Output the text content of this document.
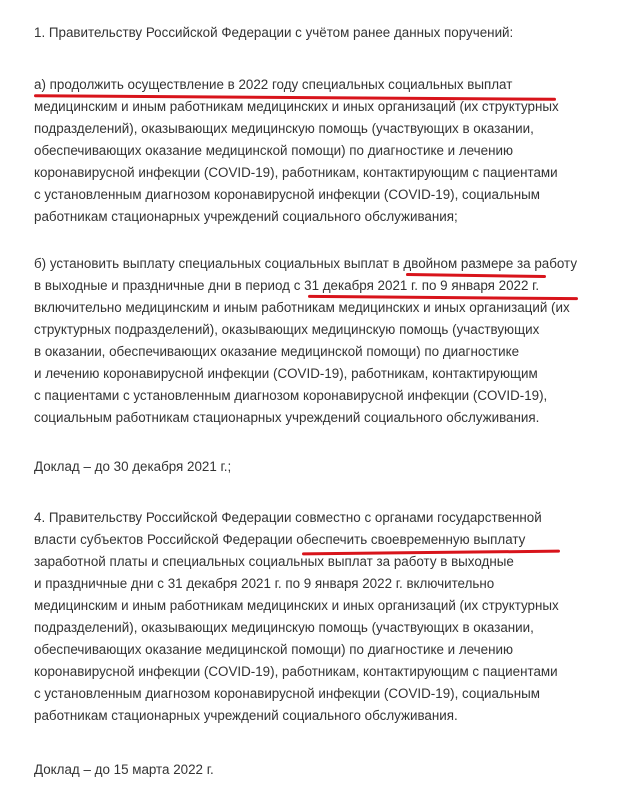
1. Правительству Российской Федерации с учётом ранее данных поручений:
а) продолжить осуществление в 2022 году специальных социальных выплат
медицинским и иным работникам медицинских и иных организаций (их структурных
подразделений), оказывающих медицинскую помощь (участвующих в оказании,
обеспечивающих оказание медицинской помощи) по диагностике и лечению
коронавирусной инфекции (COVID-19), работникам, контактирующим с пациентами
с установленным диагнозом коронавирусной инфекции (COVID-19), социальным
работникам стационарных учреждений социального обслуживания;
б) установить выплату специальных социальных выплат в двойном размере за работу
в выходные и праздничные дни в период с 31 декабря 2021 г. по 9 января 2022 г.
включительно медицинским и иным работникам медицинских и иных организаций (их
структурных подразделений), оказывающих медицинскую помощь (участвующих
в оказании, обеспечивающих оказание медицинской помощи) по диагностике
и лечению коронавирусной инфекции (COVID-19), работникам, контактирующим
с пациентами с установленным диагнозом коронавирусной инфекции (COVID-19),
социальным работникам стационарных учреждений социального обслуживания.
Доклад – до 30 декабря 2021 г.;
4. Правительству Российской Федерации совместно с органами государственной
власти субъектов Российской Федерации обеспечить своевременную выплату
заработной платы и специальных социальных выплат за работу в выходные
и праздничные дни с 31 декабря 2021 г. по 9 января 2022 г. включительно
медицинским и иным работникам медицинских и иных организаций (их структурных
подразделений), оказывающих медицинскую помощь (участвующих в оказании,
обеспечивающих оказание медицинской помощи) по диагностике и лечению
коронавирусной инфекции (COVID-19), работникам, контактирующим с пациентами
с установленным диагнозом коронавирусной инфекции (COVID-19), социальным
работникам стационарных учреждений социального обслуживания.
Доклад – до 15 марта 2022 г.
